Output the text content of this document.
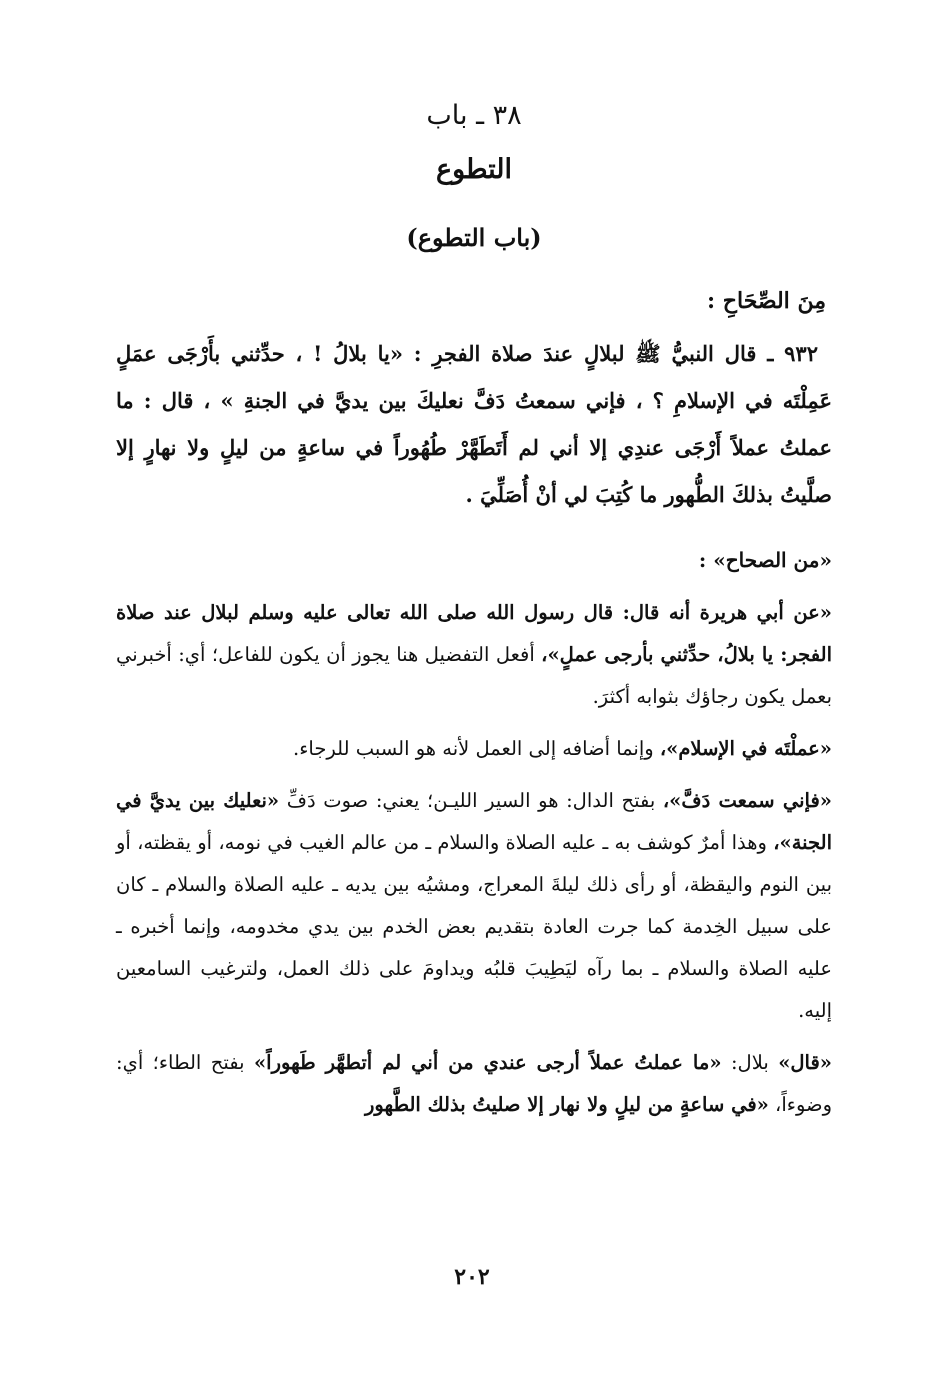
٣٨ ـ باب
التطوع
(باب التطوع)
مِنَ الصِّحَاحِ :
٩٣٢ ـ قال النبيُّ ﷺ لبلالٍ عندَ صلاة الفجرِ : «يا بلالُ ! ، حدِّثني بأَرْجَى عمَلٍ عَمِلْتَه في الإسلامِ ؟ ، فإني سمعتُ دَفَّ نعليكَ بين يديَّ في الجنةِ » ، قال : ما عملتُ عملاً أَرْجَى عندِي إلا أني لم أَتَطَهَّرْ طُهُوراً في ساعةٍ من ليلٍ ولا نهارٍ إلا صلَّيتُ بذلكَ الطُّهور ما كُتِبَ لي أنْ أُصَلِّيَ .
«من الصحاح» :
«عن أبي هريرة أنه قال: قال رسول الله صلى الله تعالى عليه وسلم لبلال عند صلاة الفجر: يا بلالُ، حدِّثني بأرجى عملٍ»، أفعل التفضيل هنا يجوز أن يكون للفاعل؛ أي: أخبرني بعمل يكون رجاؤك بثوابه أكثرَ.
«عملْتَه في الإسلام»، وإنما أضافه إلى العمل لأنه هو السبب للرجاء.
«فإني سمعت دَفَّ»، بفتح الدال: هو السير الليـن؛ يعني: صوت دَفِّ «نعليك بين يديَّ في الجنة»، وهذا أمرٌ كوشف به ـ عليه الصلاة والسلام ـ من عالم الغيب في نومه، أو يقظته، أو بين النوم واليقظة، أو رأى ذلك ليلةَ المعراج، ومشيُه بين يديه ـ عليه الصلاة والسلام ـ كان على سبيل الخِدمة كما جرت العادة بتقديم بعض الخدم بين يدي مخدومه، وإنما أخبره ـ عليه الصلاة والسلام ـ بما رآه ليَطِيبَ قلبُه ويداومَ على ذلك العمل، ولترغيب السامعين إليه.
«قال» بلال: «ما عملتُ عملاً أرجى عندي من أني لم أتطهَّر طَهوراً» بفتح الطاء؛ أي: وضوءاً، «في ساعةٍ من ليلٍ ولا نهار إلا صليتُ بذلك الطَّهور
٢٠٢
